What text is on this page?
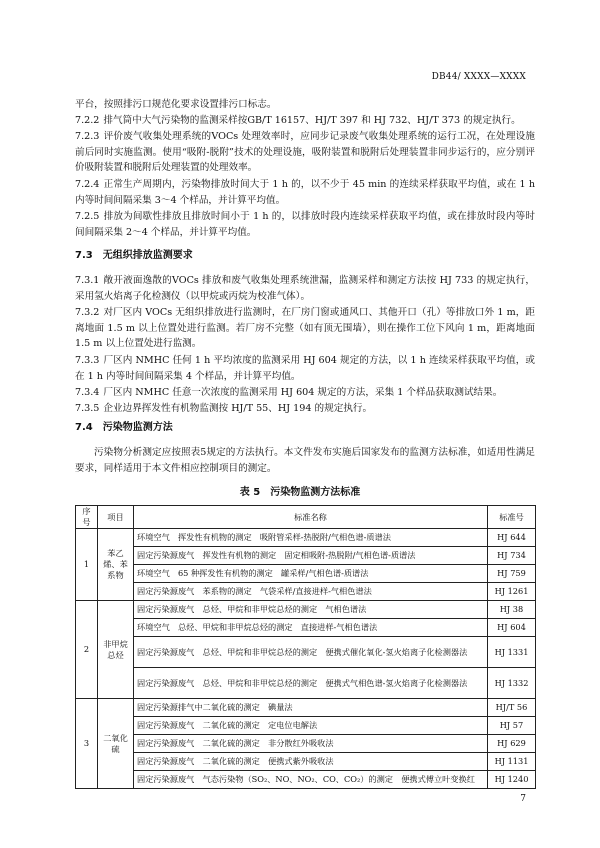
DB44/ XXXX—XXXX
平台，按照排污口规范化要求设置排污口标志。
7.2.2 排气筒中大气污染物的监测采样按GB/T 16157、HJ/T 397 和 HJ 732、HJ/T 373 的规定执行。
7.2.3 评价废气收集处理系统的VOCs 处理效率时，应同步记录废气收集处理系统的运行工况，在处理设施前后同时实施监测。使用“吸附-脱附”技术的处理设施，吸附装置和脱附后处理装置非同步运行的，应分别评价吸附装置和脱附后处理装置的处理效率。
7.2.4 正常生产周期内，污染物排放时间大于 1 h 的，以不少于 45 min 的连续采样获取平均值，或在 1 h 内等时间间隔采集 3～4 个样品，并计算平均值。
7.2.5 排放为间歇性排放且排放时间小于 1 h 的，以排放时段内连续采样获取平均值，或在排放时段内等时间间隔采集 2～4 个样品，并计算平均值。
7.3 无组织排放监测要求
7.3.1 敞开液面逸散的VOCs 排放和废气收集处理系统泄漏，监测采样和测定方法按 HJ 733 的规定执行，采用氢火焰离子化检测仪（以甲烷或丙烷为校准气体）。
7.3.2 对厂区内 VOCs 无组织排放进行监测时，在厂房门窗或通风口、其他开口（孔）等排放口外 1 m，距离地面 1.5 m 以上位置处进行监测。若厂房不完整（如有顶无围墙），则在操作工位下风向 1 m，距离地面 1.5 m 以上位置处进行监测。
7.3.3 厂区内 NMHC 任何 1 h 平均浓度的监测采用 HJ 604 规定的方法，以 1 h 连续采样获取平均值，或在 1 h 内等时间间隔采集 4 个样品，并计算平均值。
7.3.4 厂区内 NMHC 任意一次浓度的监测采用 HJ 604 规定的方法，采集 1 个样品获取测试结果。
7.3.5 企业边界挥发性有机物监测按 HJ/T 55、HJ 194 的规定执行。
7.4 污染物监测方法
污染物分析测定应按照表5规定的方法执行。本文件发布实施后国家发布的监测方法标准，如适用性满足要求，同样适用于本文件相应控制项目的测定。
表 5　污染物监测方法标准
序号	项目	标准名称	标准号
1	苯乙烯、苯系物	环境空气　挥发性有机物的测定　吸附管采样-热脱附/气相色谱-质谱法	HJ 644
		固定污染源废气　挥发性有机物的测定　固定相吸附-热脱附/气相色谱-质谱法	HJ 734
		环境空气　65 种挥发性有机物的测定　罐采样/气相色谱-质谱法	HJ 759
		固定污染源废气　苯系物的测定　气袋采样/直接进样-气相色谱法	HJ 1261
2	非甲烷总烃	固定污染源废气　总烃、甲烷和非甲烷总烃的测定　气相色谱法	HJ 38
		环境空气　总烃、甲烷和非甲烷总烃的测定　直接进样-气相色谱法	HJ 604
		固定污染源废气　总烃、甲烷和非甲烷总烃的测定　便携式催化氧化-氢火焰离子化检测器法	HJ 1331
		固定污染源废气　总烃、甲烷和非甲烷总烃的测定　便携式气相色谱-氢火焰离子化检测器法	HJ 1332
3	二氧化硫	固定污染源排气中二氧化硫的测定　碘量法	HJ/T 56
		固定污染源废气　二氧化硫的测定　定电位电解法	HJ 57
		固定污染源废气　二氧化硫的测定　非分散红外吸收法	HJ 629
		固定污染源废气　二氧化硫的测定　便携式紫外吸收法	HJ 1131
		固定污染源废气　气态污染物（SO₂、NO、NO₂、CO、CO₂）的测定　便携式傅立叶变换红	HJ 1240
7
